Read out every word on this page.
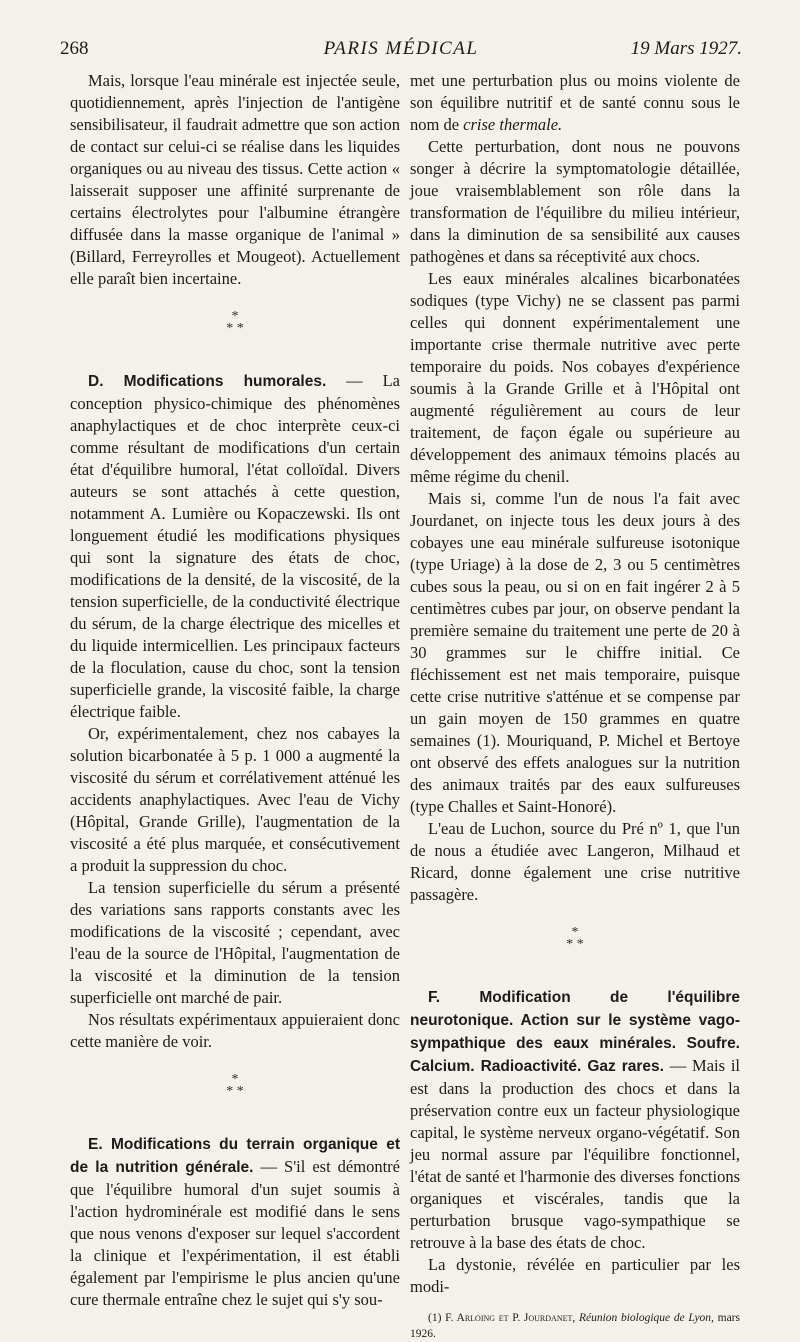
268	PARIS MÉDICAL	19 Mars 1927.

Mais, lorsque l'eau minérale est injectée seule, quotidiennement, après l'injection de l'antigène sensibilisateur, il faudrait admettre que son action de contact sur celui-ci se réalise dans les liquides organiques ou au niveau des tissus. Cette action « laisserait supposer une affinité surprenante de certains électrolytes pour l'albumine étrangère diffusée dans la masse organique de l'animal » (Billard, Ferreyrolles et Mougeot). Actuellement elle paraît bien incertaine.

*
* *

D. Modifications humorales. — La conception physico-chimique des phénomènes anaphylactiques et de choc interprète ceux-ci comme résultant de modifications d'un certain état d'équilibre humoral, l'état colloïdal. Divers auteurs se sont attachés à cette question, notamment A. Lumière ou Kopaczewski. Ils ont longuement étudié les modifications physiques qui sont la signature des états de choc, modifications de la densité, de la viscosité, de la tension superficielle, de la conductivité électrique du sérum, de la charge électrique des micelles et du liquide intermicellien. Les principaux facteurs de la floculation, cause du choc, sont la tension superficielle grande, la viscosité faible, la charge électrique faible.

Or, expérimentalement, chez nos cabayes la solution bicarbonatée à 5 p. 1 000 a augmenté la viscosité du sérum et corrélativement atténué les accidents anaphylactiques. Avec l'eau de Vichy (Hôpital, Grande Grille), l'augmentation de la viscosité a été plus marquée, et consécutivement a produit la suppression du choc.

La tension superficielle du sérum a présenté des variations sans rapports constants avec les modifications de la viscosité ; cependant, avec l'eau de la source de l'Hôpital, l'augmentation de la viscosité et la diminution de la tension superficielle ont marché de pair.

Nos résultats expérimentaux appuieraient donc cette manière de voir.

*
* *

E. Modifications du terrain organique et de la nutrition générale. — S'il est démontré que l'équilibre humoral d'un sujet soumis à l'action hydrominérale est modifié dans le sens que nous venons d'exposer sur lequel s'accordent la clinique et l'expérimentation, il est établi également par l'empirisme le plus ancien qu'une cure thermale entraîne chez le sujet qui s'y sou-

met une perturbation plus ou moins violente de son équilibre nutritif et de santé connu sous le nom de crise thermale.

Cette perturbation, dont nous ne pouvons songer à décrire la symptomatologie détaillée, joue vraisemblablement son rôle dans la transformation de l'équilibre du milieu intérieur, dans la diminution de sa sensibilité aux causes pathogènes et dans sa réceptivité aux chocs.

Les eaux minérales alcalines bicarbonatées sodiques (type Vichy) ne se classent pas parmi celles qui donnent expérimentalement une importante crise thermale nutritive avec perte temporaire du poids. Nos cobayes d'expérience soumis à la Grande Grille et à l'Hôpital ont augmenté régulièrement au cours de leur traitement, de façon égale ou supérieure au développement des animaux témoins placés au même régime du chenil.

Mais si, comme l'un de nous l'a fait avec Jourdanet, on injecte tous les deux jours à des cobayes une eau minérale sulfureuse isotonique (type Uriage) à la dose de 2, 3 ou 5 centimètres cubes sous la peau, ou si on en fait ingérer 2 à 5 centimètres cubes par jour, on observe pendant la première semaine du traitement une perte de 20 à 30 grammes sur le chiffre initial. Ce fléchissement est net mais temporaire, puisque cette crise nutritive s'atténue et se compense par un gain moyen de 150 grammes en quatre semaines (1). Mouriquand, P. Michel et Bertoye ont observé des effets analogues sur la nutrition des animaux traités par des eaux sulfureuses (type Challes et Saint-Honoré).

L'eau de Luchon, source du Pré nº 1, que l'un de nous a étudiée avec Langeron, Milhaud et Ricard, donne également une crise nutritive passagère.

*
* *

F. Modification de l'équilibre neurotonique. Action sur le système vago-sympathique des eaux minérales. Soufre. Calcium. Radioactivité. Gaz rares. — Mais il est dans la production des chocs et dans la préservation contre eux un facteur physiologique capital, le système nerveux organo-végétatif. Son jeu normal assure par l'équilibre fonctionnel, l'état de santé et l'harmonie des diverses fonctions organiques et viscérales, tandis que la perturbation brusque vago-sympathique se retrouve à la base des états de choc.

La dystonie, révélée en particulier par les modi-

(1) F. Arloing et P. Jourdanet, Réunion biologique de Lyon, mars 1926.
